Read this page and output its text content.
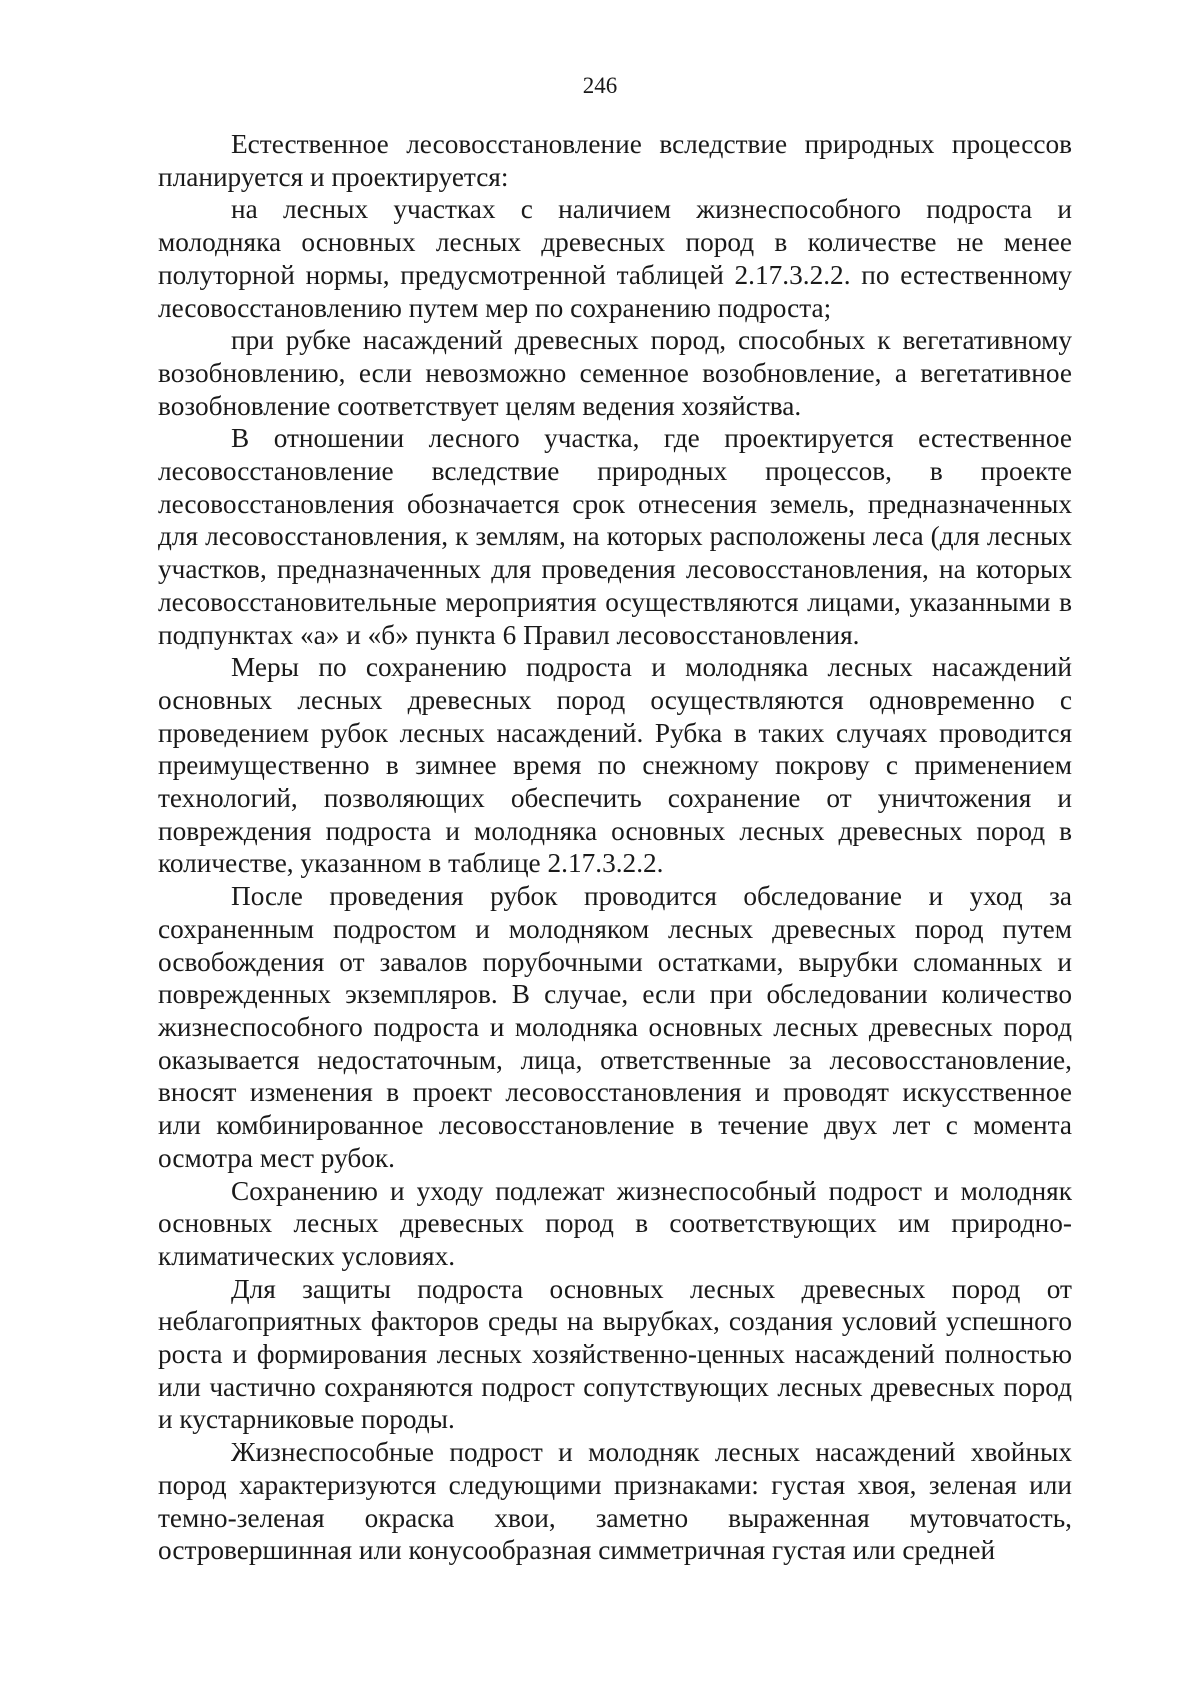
246

Естественное лесовосстановление вследствие природных процессов планируется и проектируется:

на лесных участках с наличием жизнеспособного подроста и молодняка основных лесных древесных пород в количестве не менее полуторной нормы, предусмотренной таблицей 2.17.3.2.2. по естественному лесовосстановлению путем мер по сохранению подроста;

при рубке насаждений древесных пород, способных к вегетативному возобновлению, если невозможно семенное возобновление, а вегетативное возобновление соответствует целям ведения хозяйства.

В отношении лесного участка, где проектируется естественное лесовосстановление вследствие природных процессов, в проекте лесовосстановления обозначается срок отнесения земель, предназначенных для лесовосстановления, к землям, на которых расположены леса (для лесных участков, предназначенных для проведения лесовосстановления, на которых лесовосстановительные мероприятия осуществляются лицами, указанными в подпунктах «а» и «б» пункта 6 Правил лесовосстановления.

Меры по сохранению подроста и молодняка лесных насаждений основных лесных древесных пород осуществляются одновременно с проведением рубок лесных насаждений. Рубка в таких случаях проводится преимущественно в зимнее время по снежному покрову с применением технологий, позволяющих обеспечить сохранение от уничтожения и повреждения подроста и молодняка основных лесных древесных пород в количестве, указанном в таблице 2.17.3.2.2.

После проведения рубок проводится обследование и уход за сохраненным подростом и молодняком лесных древесных пород путем освобождения от завалов порубочными остатками, вырубки сломанных и поврежденных экземпляров. В случае, если при обследовании количество жизнеспособного подроста и молодняка основных лесных древесных пород оказывается недостаточным, лица, ответственные за лесовосстановление, вносят изменения в проект лесовосстановления и проводят искусственное или комбинированное лесовосстановление в течение двух лет с момента осмотра мест рубок.

Сохранению и уходу подлежат жизнеспособный подрост и молодняк основных лесных древесных пород в соответствующих им природно-климатических условиях.

Для защиты подроста основных лесных древесных пород от неблагоприятных факторов среды на вырубках, создания условий успешного роста и формирования лесных хозяйственно-ценных насаждений полностью или частично сохраняются подрост сопутствующих лесных древесных пород и кустарниковые породы.

Жизнеспособные подрост и молодняк лесных насаждений хвойных пород характеризуются следующими признаками: густая хвоя, зеленая или темно-зеленая окраска хвои, заметно выраженная мутовчатость, островершинная или конусообразная симметричная густая или средней
